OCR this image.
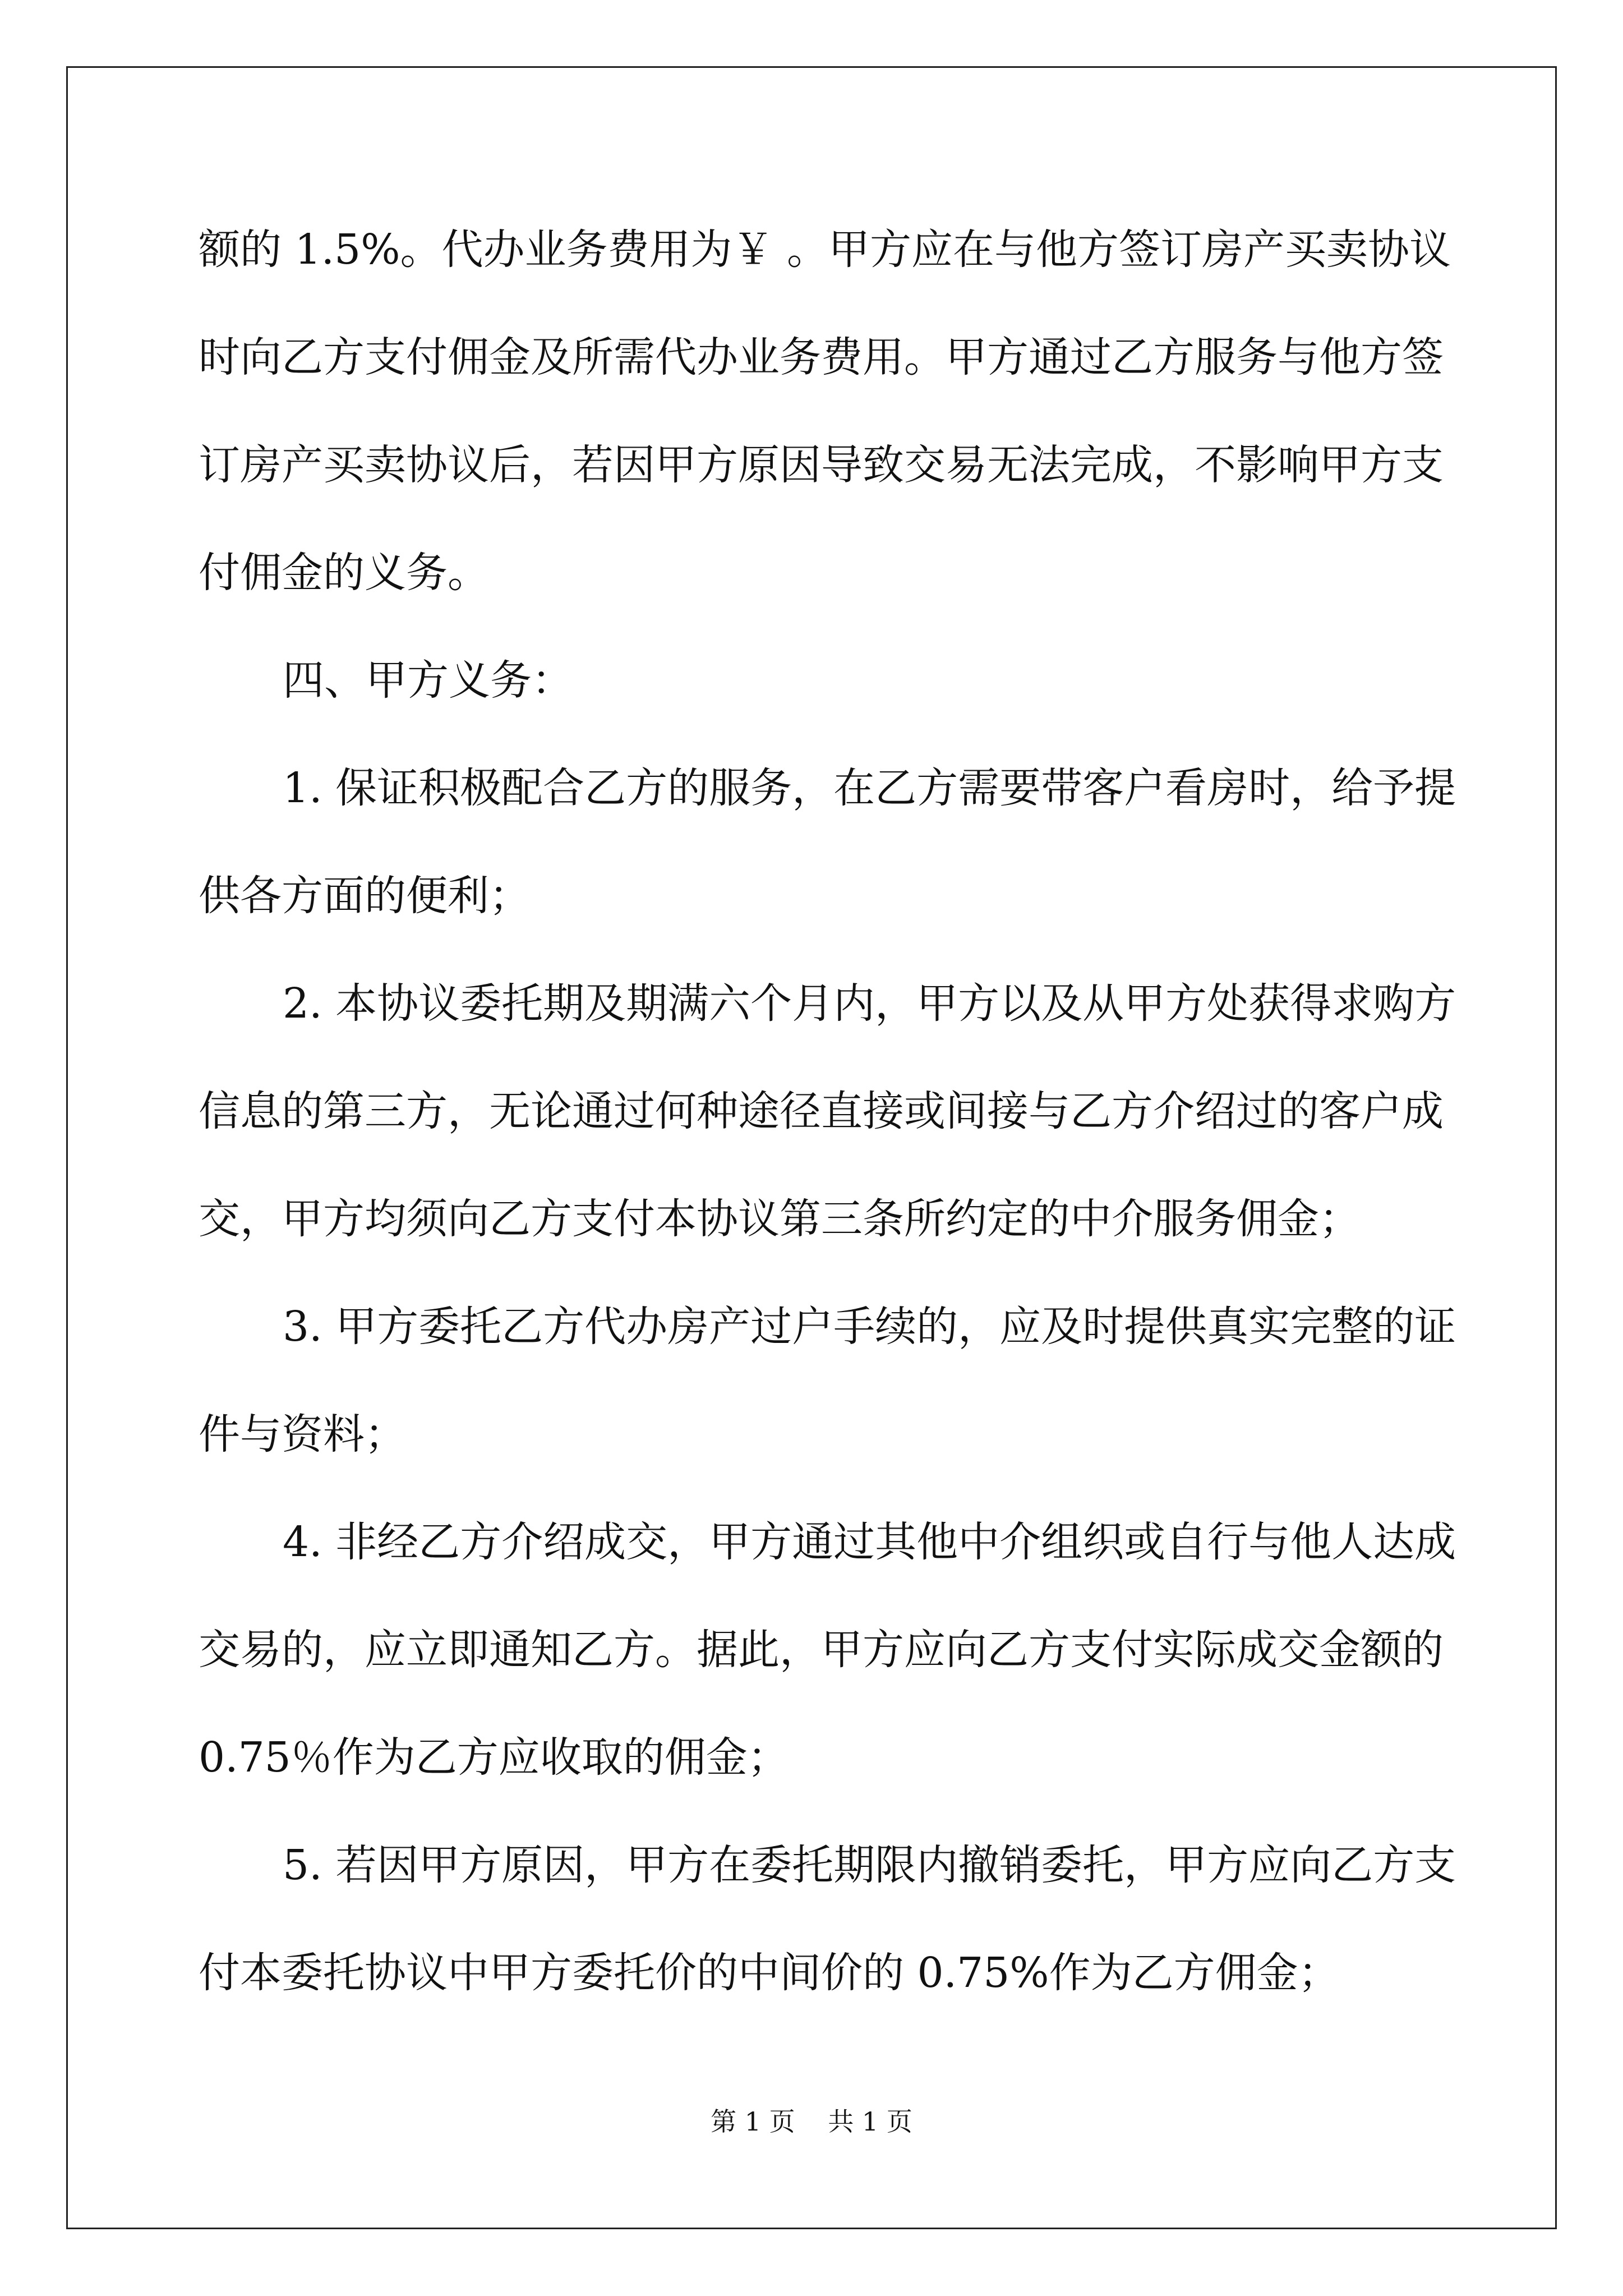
额的 1.5%。代办业务费用为￥ 。甲方应在与他方签订房产买卖协议
时向乙方支付佣金及所需代办业务费用。甲方通过乙方服务与他方签
订房产买卖协议后，若因甲方原因导致交易无法完成，不影响甲方支
付佣金的义务。
四、甲方义务：
1. 保证积极配合乙方的服务，在乙方需要带客户看房时，给予提
供各方面的便利；
2. 本协议委托期及期满六个月内，甲方以及从甲方处获得求购方
信息的第三方，无论通过何种途径直接或间接与乙方介绍过的客户成
交，甲方均须向乙方支付本协议第三条所约定的中介服务佣金；
3. 甲方委托乙方代办房产过户手续的，应及时提供真实完整的证
件与资料；
4. 非经乙方介绍成交，甲方通过其他中介组织或自行与他人达成
交易的，应立即通知乙方。据此，甲方应向乙方支付实际成交金额的
0.75％作为乙方应收取的佣金；
5. 若因甲方原因，甲方在委托期限内撤销委托，甲方应向乙方支
付本委托协议中甲方委托价的中间价的 0.75%作为乙方佣金；
第 1 页 共 1 页
